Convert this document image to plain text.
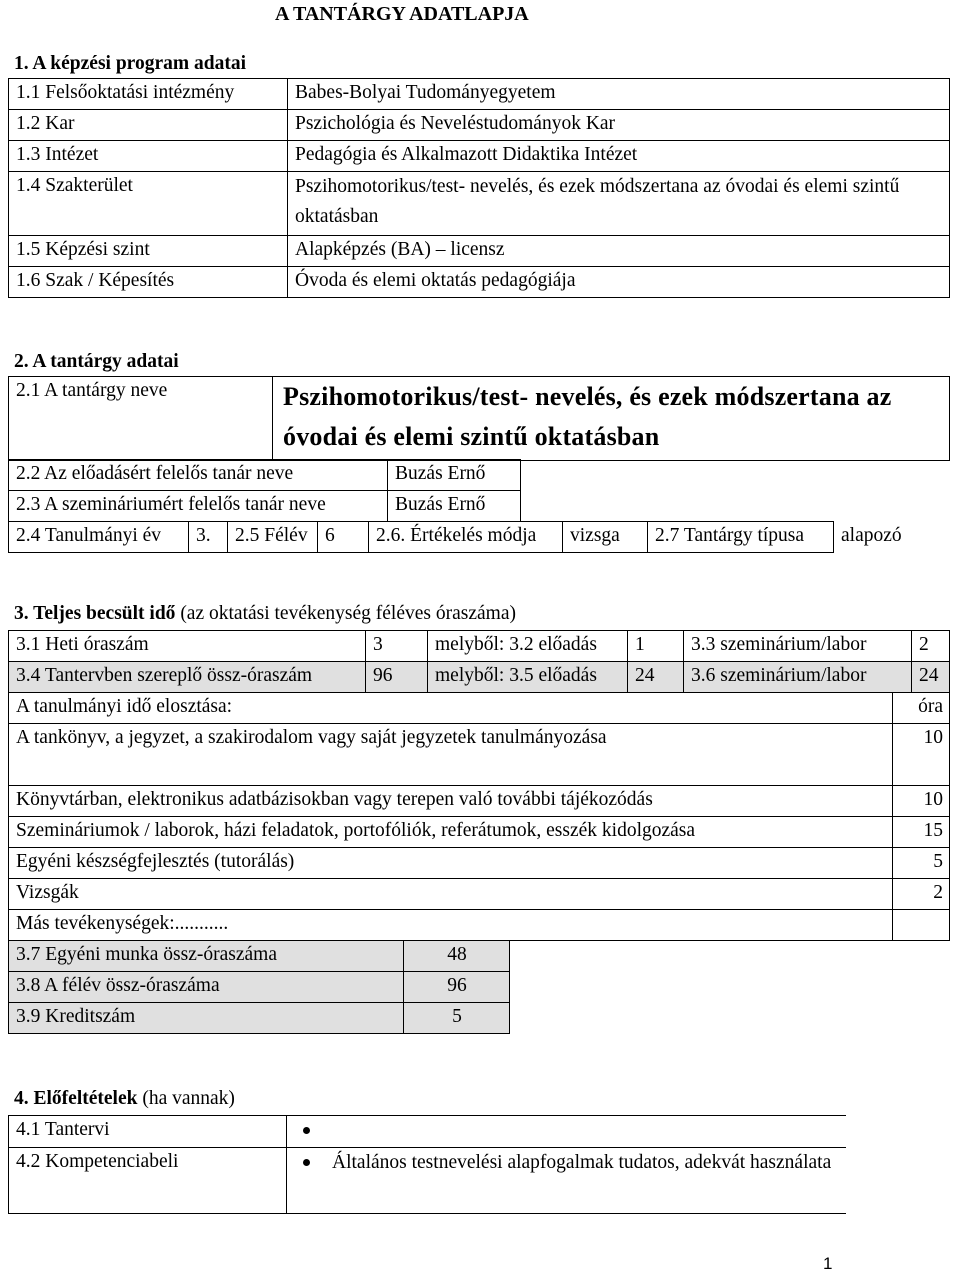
A TANTÁRGY ADATLAPJA
1. A képzési program adatai
1.1 Felsőoktatási intézmény	Babes-Bolyai Tudományegyetem
1.2 Kar	Pszichológia és Neveléstudományok Kar
1.3 Intézet	Pedagógia és Alkalmazott Didaktika Intézet
1.4 Szakterület	Pszihomotorikus/test- nevelés, és ezek módszertana az óvodai és elemi szintű oktatásban
1.5 Képzési szint	Alapképzés (BA) – licensz
1.6 Szak / Képesítés	Óvoda és elemi oktatás pedagógiája
2. A tantárgy adatai
2.1 A tantárgy neve	Pszihomotorikus/test- nevelés, és ezek módszertana az óvodai és elemi szintű oktatásban
2.2 Az előadásért felelős tanár neve	Buzás Ernő
2.3 A szemináriumért felelős tanár neve	Buzás Ernő
2.4 Tanulmányi év	3.	2.5 Félév	6	2.6. Értékelés módja	vizsga	2.7 Tantárgy típusa	alapozó
3. Teljes becsült idő (az oktatási tevékenység féléves óraszáma)
3.1 Heti óraszám	3	melyből: 3.2 előadás	1	3.3 szeminárium/labor	2
3.4 Tantervben szereplő össz-óraszám	96	melyből: 3.5 előadás	24	3.6 szeminárium/labor	24
A tanulmányi idő elosztása:	óra
A tankönyv, a jegyzet, a szakirodalom vagy saját jegyzetek tanulmányozása	10
Könyvtárban, elektronikus adatbázisokban vagy terepen való további tájékozódás	10
Szemináriumok / laborok, házi feladatok, portofóliók, referátumok, esszék kidolgozása	15
Egyéni készségfejlesztés (tutorálás)	5
Vizsgák	2
Más tevékenységek:...........	
3.7 Egyéni munka össz-óraszáma	48
3.8 A félév össz-óraszáma	96
3.9 Kreditszám	5
4. Előfeltételek (ha vannak)
4.1 Tantervi	
4.2 Kompetenciabeli	Általános testnevelési alapfogalmak tudatos, adekvát használata
1
